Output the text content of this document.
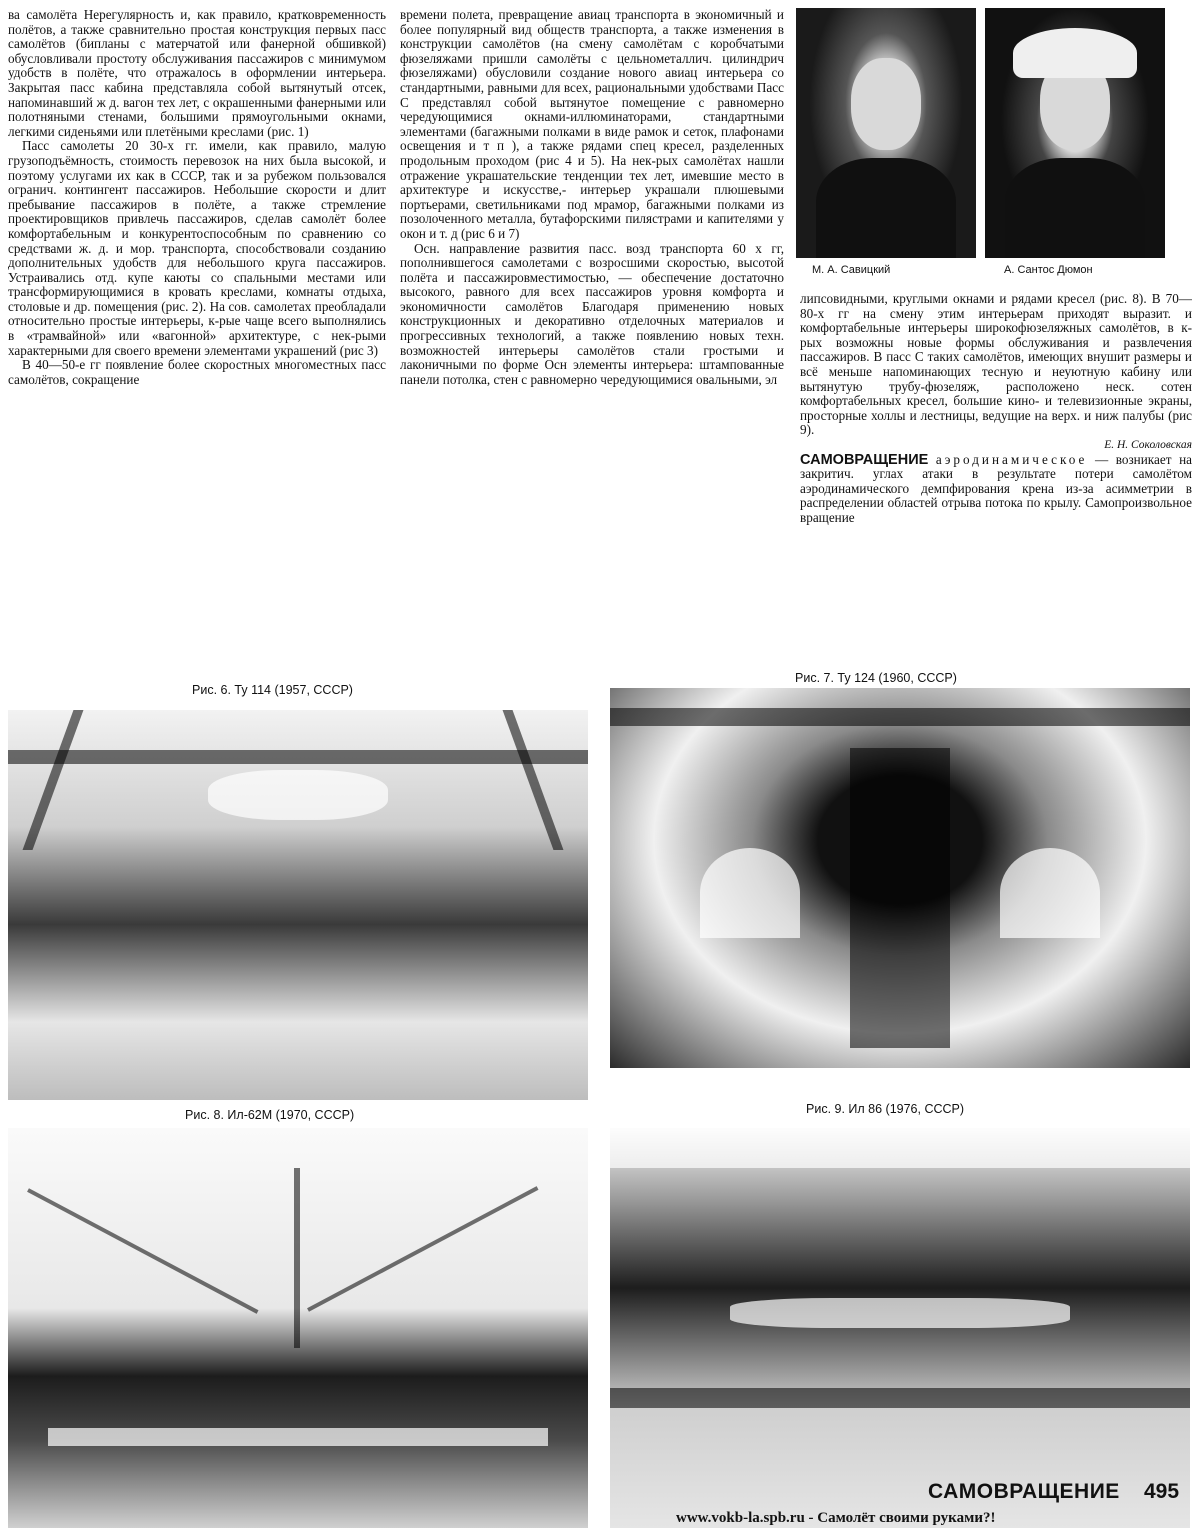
ва самолёта Нерегулярность и, как правило, кратковременность полётов, а также сравнительно простая конструкция первых пасс самолётов (бипланы с матерчатой или фанерной обшивкой) обусловливали простоту обслуживания пассажиров с минимумом удобств в полёте, что отражалось в оформлении интерьера. Закрытая пасс кабина представляла собой вытянутый отсек, напоминавший ж д. вагон тех лет, с окрашенными фанерными или полотняными стенами, большими прямоугольными окнами, легкими сиденьями или плетёными креслами (рис. 1)

Пасс самолеты 20 30-х гг. имели, как правило, малую грузоподъёмность, стоимость перевозок на них была высокой, и поэтому услугами их как в СССР, так и за рубежом пользовался огранич. контингент пассажиров. Небольшие скорости и длит пребывание пассажиров в полёте, а также стремление проектировщиков привлечь пассажиров, сделав самолёт более комфортабельным и конкурентоспособным по сравнению со средствами ж. д. и мор. транспорта, способствовали созданию дополнительных удобств для небольшого круга пассажиров. Устраивались отд. купе каюты со спальными местами или трансформирующимися в кровать креслами, комнаты отдыха, столовые и др. помещения (рис. 2). На сов. самолетах преобладали относительно простые интерьеры, к-рые чаще всего выполнялись в «трамвайной» или «вагонной» архитектуре, с нек-рыми характерными для своего времени элементами украшений (рис 3)

В 40—50-е гг появление более скоростных многоместных пасс самолётов, сокращение

времени полета, превращение авиац транспорта в экономичный и более популярный вид обществ транспорта, а также изменения в конструкции самолётов (на смену самолётам с коробчатыми фюзеляжами пришли самолёты с цельнометаллич. цилиндрич фюзеляжами) обусловили создание нового авиац интерьера со стандартными, равными для всех, рациональными удобствами Пасс С представлял собой вытянутое помещение с равномерно чередующимися окнами-иллюминаторами, стандартными элементами (багажными полками в виде рамок и сеток, плафонами освещения и т п ), а также рядами спец кресел, разделенных продольным проходом (рис 4 и 5). На нек-рых самолётах нашли отражение украшательские тенденции тех лет, имевшие место в архитектуре и искусстве,- интерьер украшали плюшевыми портьерами, светильниками под мрамор, багажными полками из позолоченного металла, бутафорскими пилястрами и капителями у окон и т. д (рис 6 и 7)

Осн. направление развития пасс. возд транспорта 60 х гг, пополнившегося самолетами с возросшими скоростью, высотой полёта и пассажировместимостью, — обеспечение достаточно высокого, равного для всех пассажиров уровня комфорта и экономичности самолётов Благодаря применению новых конструкционных и декоративно отделочных материалов и прогрессивных технологий, а также появлению новых техн. возможностей интерьеры самолётов стали гростыми и лаконичными по форме Осн элементы интерьера: штампованные панели потолка, стен с равномерно чередующимися овальными, эл

М. А. Савицкий	А. Сантос Дюмон

липсовидными, круглыми окнами и рядами кресел (рис. 8). В 70—80-х гг на смену этим интерьерам приходят выразит. и комфортабельные интерьеры широкофюзеляжных самолётов, в к-рых возможны новые формы обслуживания и развлечения пассажиров. В пасс С таких самолётов, имеющих внушит размеры и всё меньше напоминающих тесную и неуютную кабину или вытянутую трубу-фюзеляж, расположено неск. сотен комфортабельных кресел, большие кино- и телевизионные экраны, просторные холлы и лестницы, ведущие на верх. и ниж палубы (рис 9).

Е. Н. Соколовская

САМОВРАЩЕНИЕ аэродинамическое — возникает на закритич. углах атаки в результате потери самолётом аэродинамического демпфирования крена из-за асимметрии в распределении областей отрыва потока по крылу. Самопроизвольное вращение

Рис. 6. Ту 114 (1957, СССР)
Рис. 7. Ту 124 (1960, СССР)
Рис. 8. Ил-62М (1970, СССР)	Рис. 9. Ил 86 (1976, СССР)
САМОВРАЩЕНИЕ 495
www.vokb-la.spb.ru - Самолёт своими руками?!
